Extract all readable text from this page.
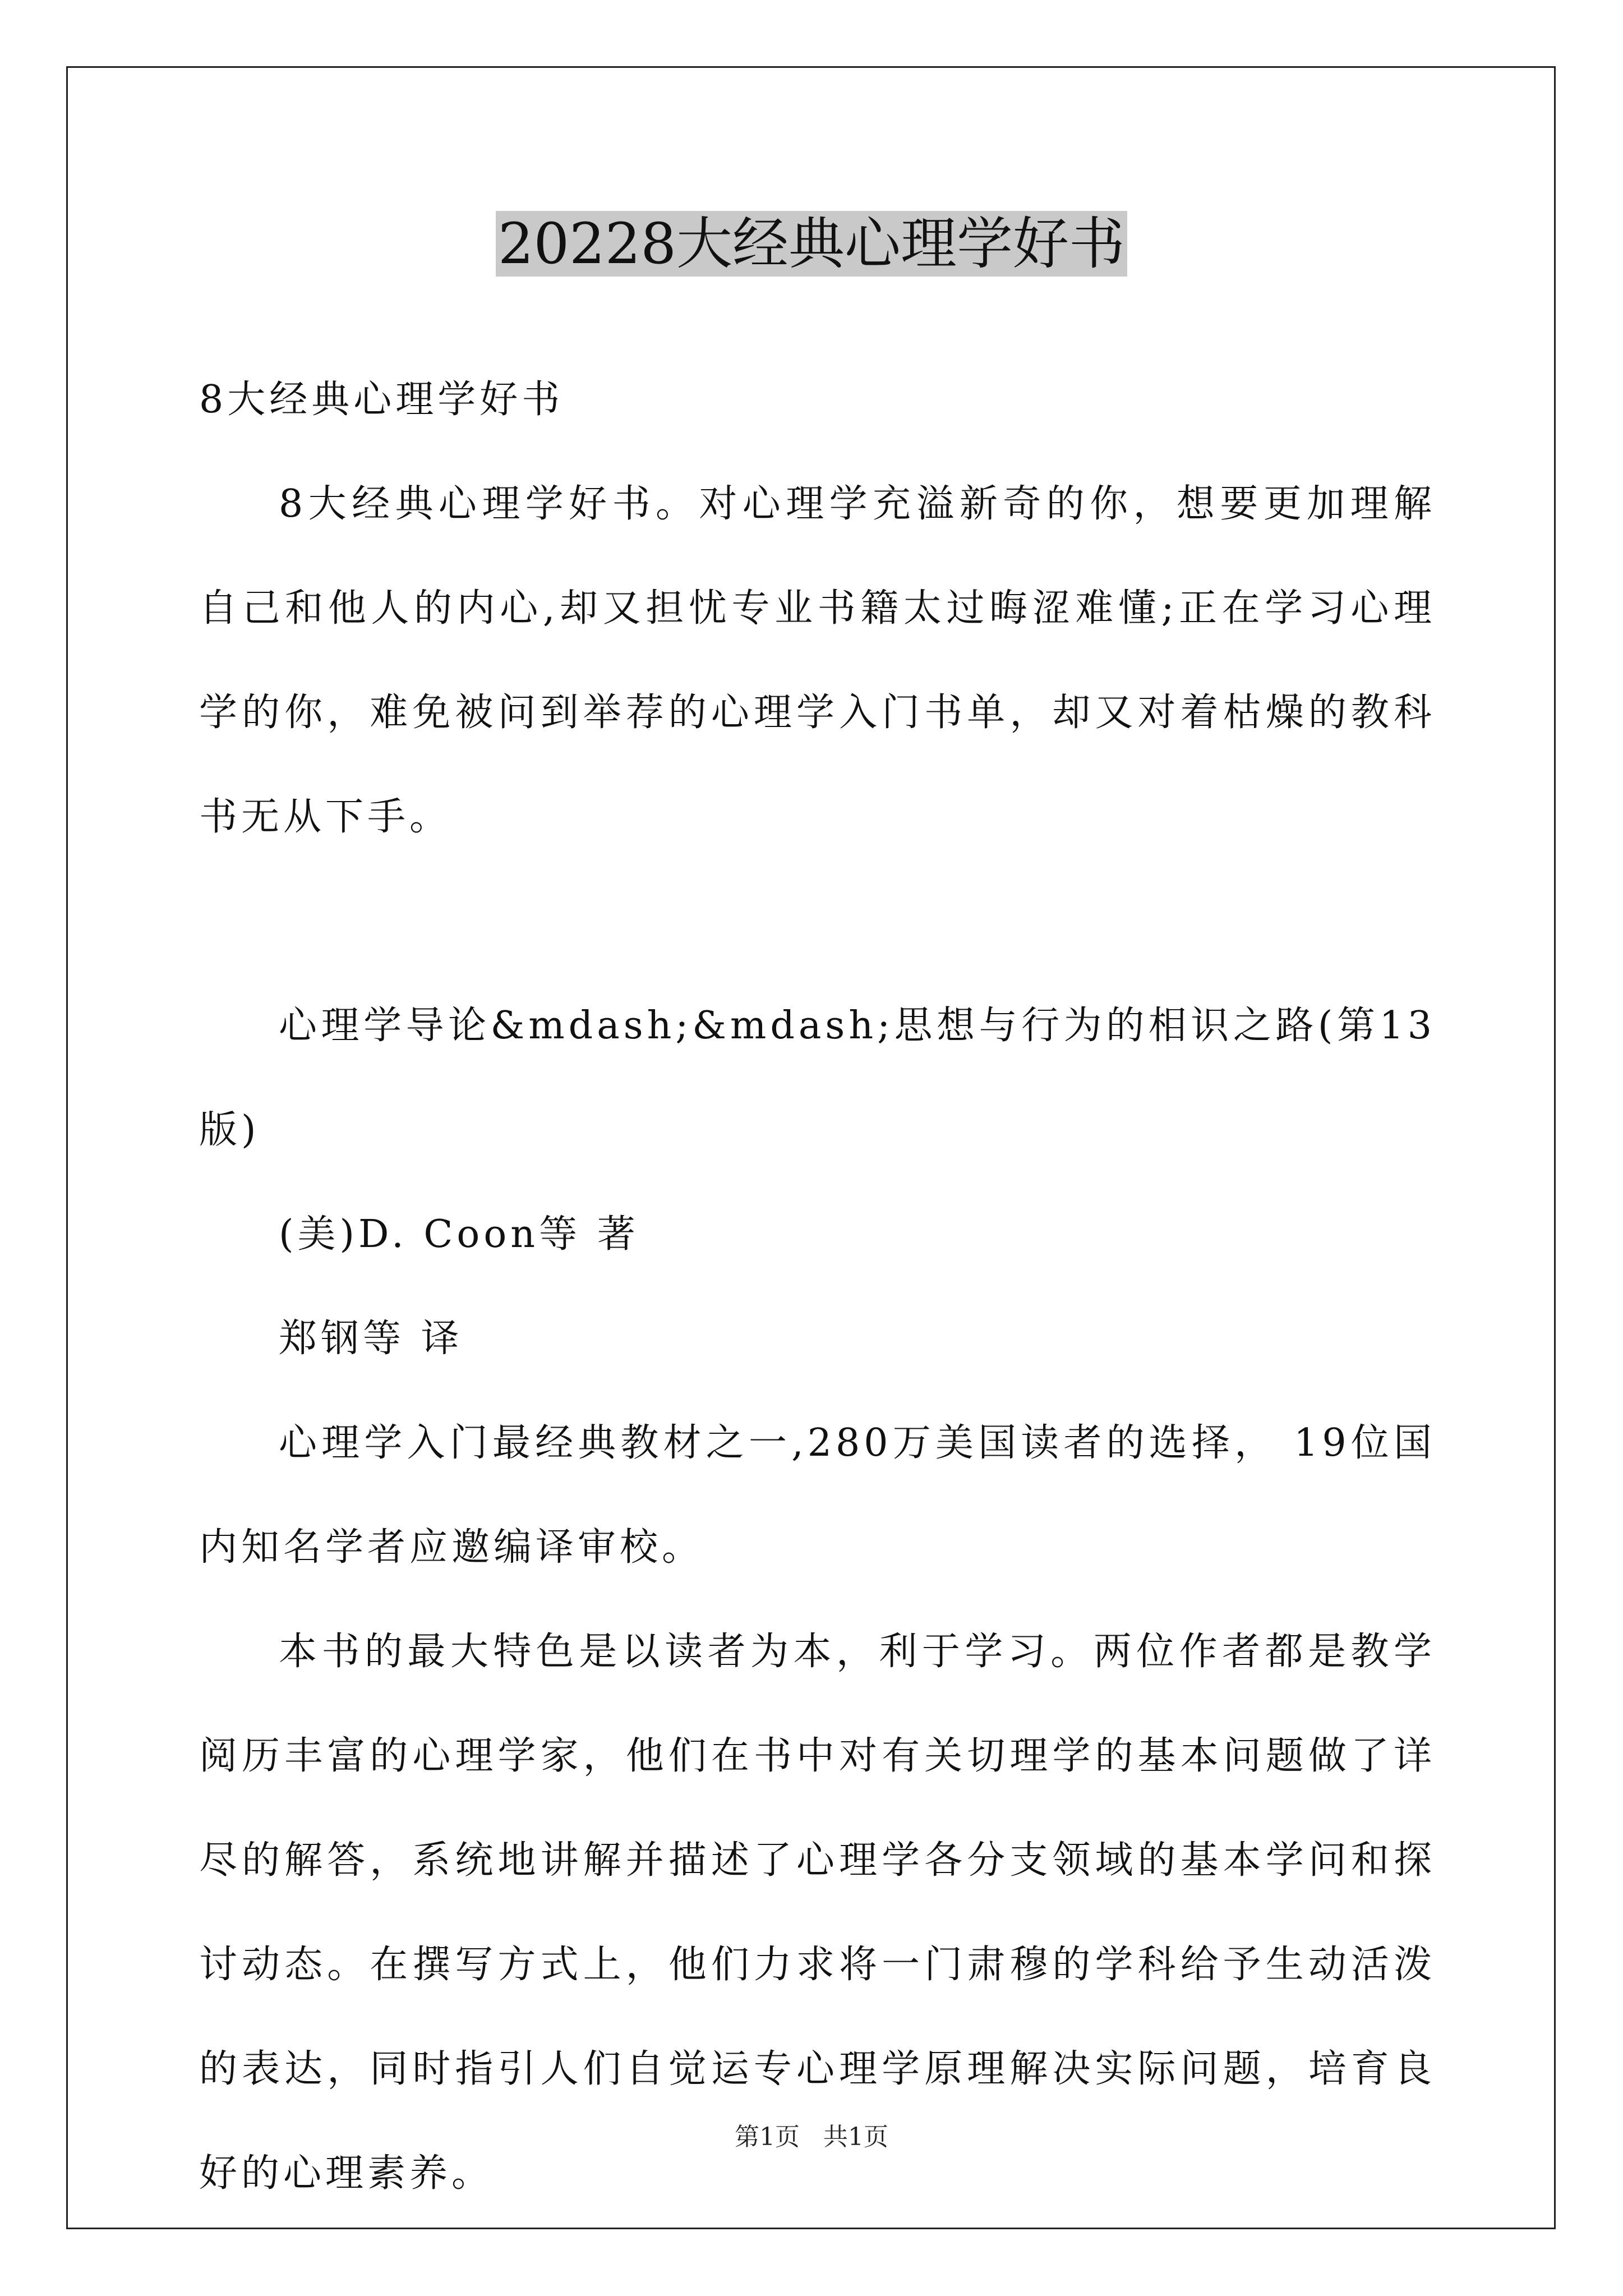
20228大经典心理学好书

8大经典心理学好书

8大经典心理学好书。对心理学充溢新奇的你，想要更加理解自己和他人的内心,却又担忧专业书籍太过晦涩难懂;正在学习心理学的你，难免被问到举荐的心理学入门书单，却又对着枯燥的教科书无从下手。

心理学导论&mdash;&mdash;思想与行为的相识之路(第13版)

(美)D. Coon等 著

郑钢等 译

心理学入门最经典教材之一,280万美国读者的选择， 19位国内知名学者应邀编译审校。

本书的最大特色是以读者为本，利于学习。两位作者都是教学阅历丰富的心理学家，他们在书中对有关切理学的基本问题做了详尽的解答，系统地讲解并描述了心理学各分支领域的基本学问和探讨动态。在撰写方式上，他们力求将一门肃穆的学科给予生动活泼的表达，同时指引人们自觉运专心理学原理解决实际问题，培育良好的心理素养。

第1页   共1页
